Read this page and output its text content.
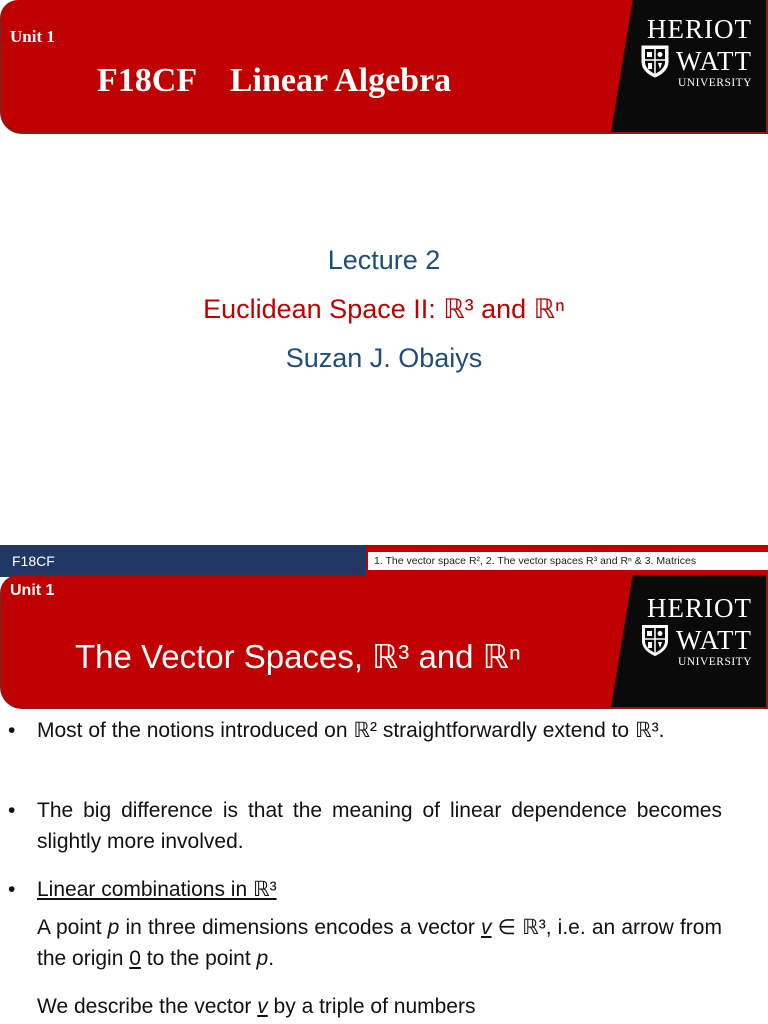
Unit 1
F18CF Linear Algebra
HERIOT
WATT
UNIVERSITY
Lecture 2
Euclidean Space II: ℝ³ and ℝⁿ
Suzan J. Obaiys
F18CF	1. The vector space R², 2. The vector spaces R³ and Rⁿ & 3. Matrices
Unit 1
HERIOT
WATT
UNIVERSITY
The Vector Spaces, ℝ³ and ℝⁿ
• Most of the notions introduced on ℝ² straightforwardly extend to ℝ³.
• The big difference is that the meaning of linear dependence becomes slightly more involved.
• Linear combinations in ℝ³
A point p in three dimensions encodes a vector v ∈ ℝ³, i.e. an arrow from the origin 0 to the point p.
We describe the vector v by a triple of numbers
